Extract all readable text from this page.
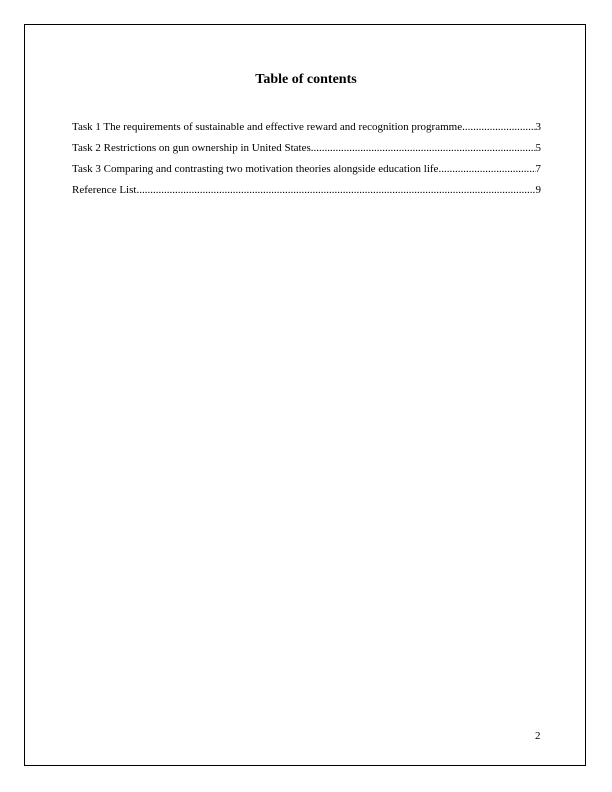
Table of contents
Task 1 The requirements of sustainable and effective reward and recognition programme .....	3
Task 2 Restrictions on gun ownership in United States .....	5
Task 3 Comparing and contrasting two motivation theories alongside education life .....	7
Reference List .....	9
2
